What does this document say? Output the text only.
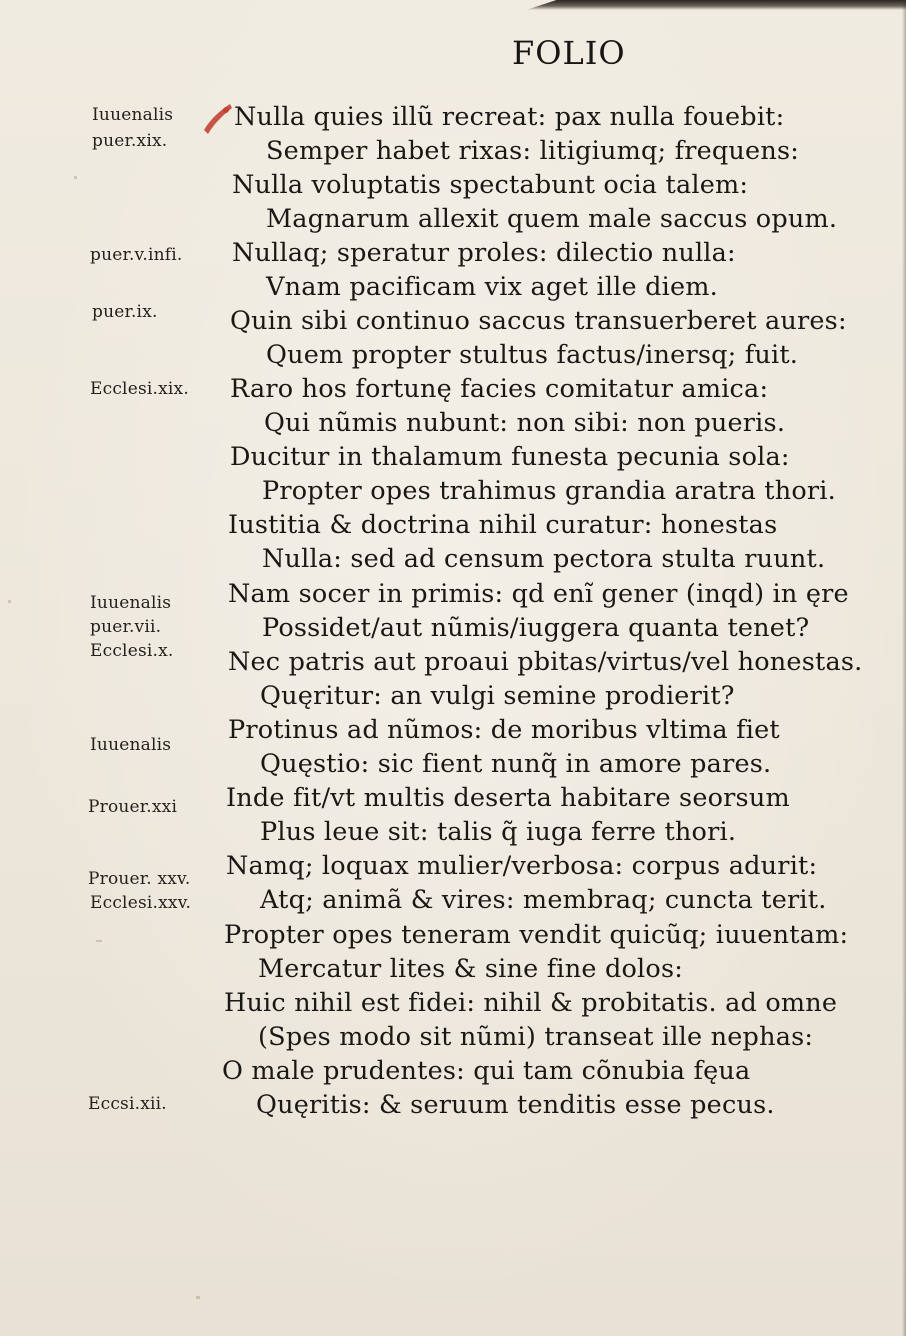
FOLIO
Iuuenalis
puer.xix.
puer.v.infi.
puer.ix.
Ecclesi.xix.
Iuuenalis
puer.vii.
Ecclesi.x.
Iuuenalis
Prouer.xxi
Prouer. xxv.
Ecclesi.xxv.
Eccsi.xii.
Nulla quies illũ recreat: pax nulla fouebit:
Semper habet rixas: litigiumq; frequens:
Nulla voluptatis spectabunt ocia talem:
Magnarum allexit quem male saccus opum.
Nullaq; speratur proles: dilectio nulla:
Vnam pacificam vix aget ille diem.
Quin sibi continuo saccus transuerberet aures:
Quem propter stultus factus/inersq; fuit.
Raro hos fortunę facies comitatur amica:
Qui nũmis nubunt: non sibi: non pueris.
Ducitur in thalamum funesta pecunia sola:
Propter opes trahimus grandia aratra thori.
Iustitia & doctrina nihil curatur: honestas
Nulla: sed ad censum pectora stulta ruunt.
Nam socer in primis: qd enĩ gener (inqd) in ęre
Possidet/aut nũmis/iuggera quanta tenet?
Nec patris aut proaui pbitas/virtus/vel honestas.
Quęritur: an vulgi semine prodierit?
Protinus ad nũmos: de moribus vltima fiet
Quęstio: sic fient nunq̃ in amore pares.
Inde fit/vt multis deserta habitare seorsum
Plus leue sit: talis q̃ iuga ferre thori.
Namq; loquax mulier/verbosa: corpus adurit:
Atq; animã & vires: membraq; cuncta terit.
Propter opes teneram vendit quicũq; iuuentam:
Mercatur lites & sine fine dolos:
Huic nihil est fidei: nihil & probitatis. ad omne
(Spes modo sit nũmi) transeat ille nephas:
O male prudentes: qui tam cõnubia fęua
Quęritis: & seruum tenditis esse pecus.
